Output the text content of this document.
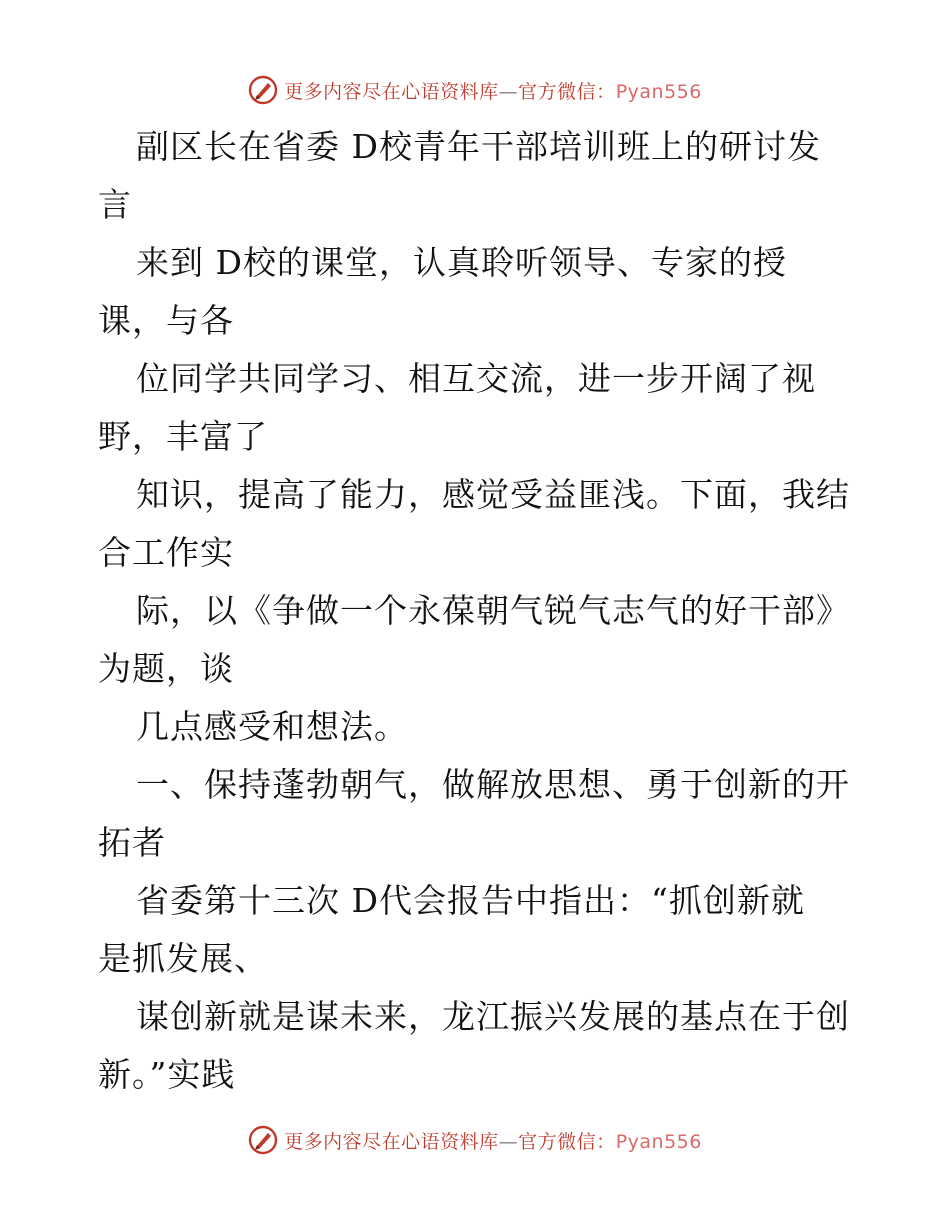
更多内容尽在心语资料库—官方微信：Pyan556
副区长在省委 D校青年干部培训班上的研讨发
言
来到 D校的课堂，认真聆听领导、专家的授
课，与各
位同学共同学习、相互交流，进一步开阔了视
野，丰富了
知识，提高了能力，感觉受益匪浅。下面，我结
合工作实
际，以《争做一个永葆朝气锐气志气的好干部》
为题，谈
几点感受和想法。
一、保持蓬勃朝气，做解放思想、勇于创新的开
拓者
省委第十三次 D代会报告中指出：“抓创新就
是抓发展、
谋创新就是谋未来，龙江振兴发展的基点在于创
新。”实践
更多内容尽在心语资料库—官方微信：Pyan556
